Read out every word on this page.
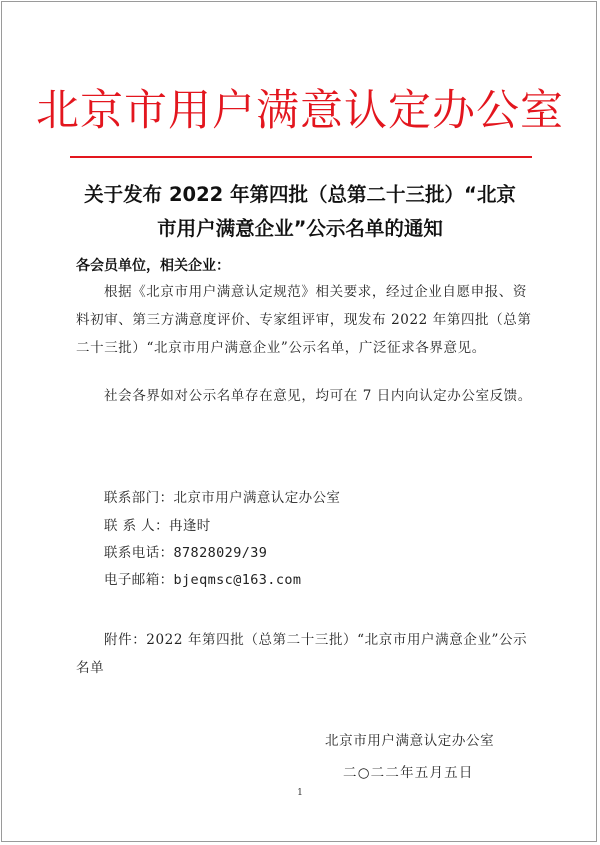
北京市用户满意认定办公室
关于发布 2022 年第四批（总第二十三批）“北京
市用户满意企业”公示名单的通知
各会员单位，相关企业：
根据《北京市用户满意认定规范》相关要求，经过企业自愿申报、资料初审、第三方满意度评价、专家组评审，现发布 2022 年第四批（总第二十三批）“北京市用户满意企业”公示名单，广泛征求各界意见。
社会各界如对公示名单存在意见，均可在 7 日内向认定办公室反馈。
联系部门：北京市用户满意认定办公室
联 系 人：冉逢时
联系电话：87828029/39
电子邮箱：bjeqmsc@163.com
附件：2022 年第四批（总第二十三批）“北京市用户满意企业”公示名单
北京市用户满意认定办公室
二○二二年五月五日
1
